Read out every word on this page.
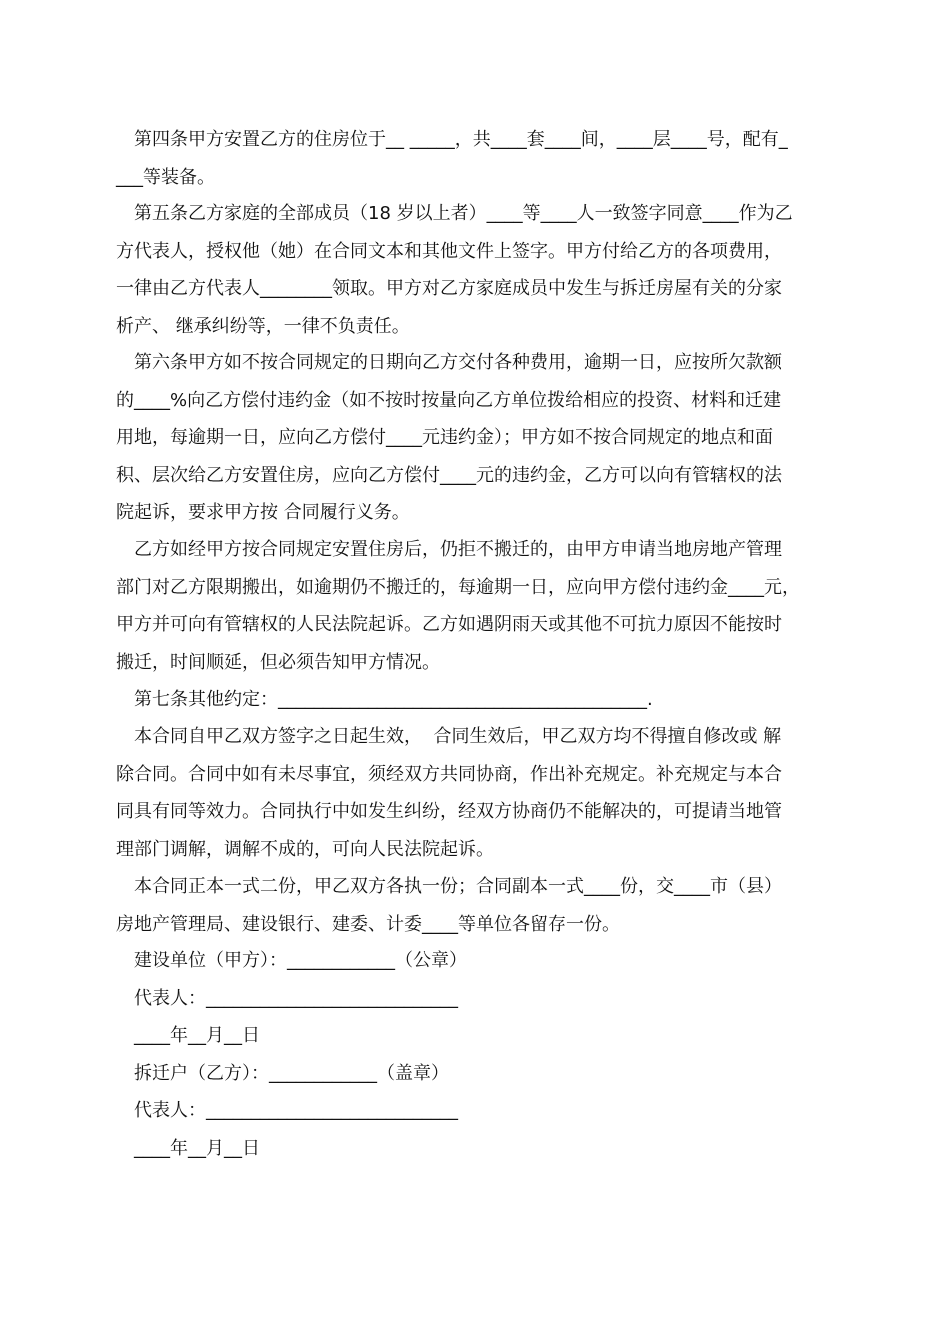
第四条甲方安置乙方的住房位于__ _____，共____套____间，____层____号，配有_
___等装备。
第五条乙方家庭的全部成员（18 岁以上者）____等____人一致签字同意____作为乙
方代表人，授权他（她）在合同文本和其他文件上签字。甲方付给乙方的各项费用，
一律由乙方代表人________领取。甲方对乙方家庭成员中发生与拆迁房屋有关的分家
析产、 继承纠纷等，一律不负责任。
第六条甲方如不按合同规定的日期向乙方交付各种费用，逾期一日，应按所欠款额
的____%向乙方偿付违约金（如不按时按量向乙方单位拨给相应的投资、材料和迁建
用地，每逾期一日，应向乙方偿付____元违约金）；甲方如不按合同规定的地点和面
积、层次给乙方安置住房，应向乙方偿付____元的违约金，乙方可以向有管辖权的法
院起诉，要求甲方按 合同履行义务。
乙方如经甲方按合同规定安置住房后，仍拒不搬迁的，由甲方申请当地房地产管理
部门对乙方限期搬出，如逾期仍不搬迁的，每逾期一日，应向甲方偿付违约金____元，
甲方并可向有管辖权的人民法院起诉。乙方如遇阴雨天或其他不可抗力原因不能按时
搬迁，时间顺延，但必须告知甲方情况。
第七条其他约定：_________________________________________.
本合同自甲乙双方签字之日起生效，  合同生效后，甲乙双方均不得擅自修改或 解
除合同。合同中如有未尽事宜，须经双方共同协商，作出补充规定。补充规定与本合
同具有同等效力。合同执行中如发生纠纷，经双方协商仍不能解决的，可提请当地管
理部门调解，调解不成的，可向人民法院起诉。
本合同正本一式二份，甲乙双方各执一份；合同副本一式____份，交____市（县）
房地产管理局、建设银行、建委、计委____等单位各留存一份。
建设单位（甲方）：____________（公章）
代表人：____________________________
____年__月__日
拆迁户（乙方）：____________（盖章）
代表人：____________________________
____年__月__日
